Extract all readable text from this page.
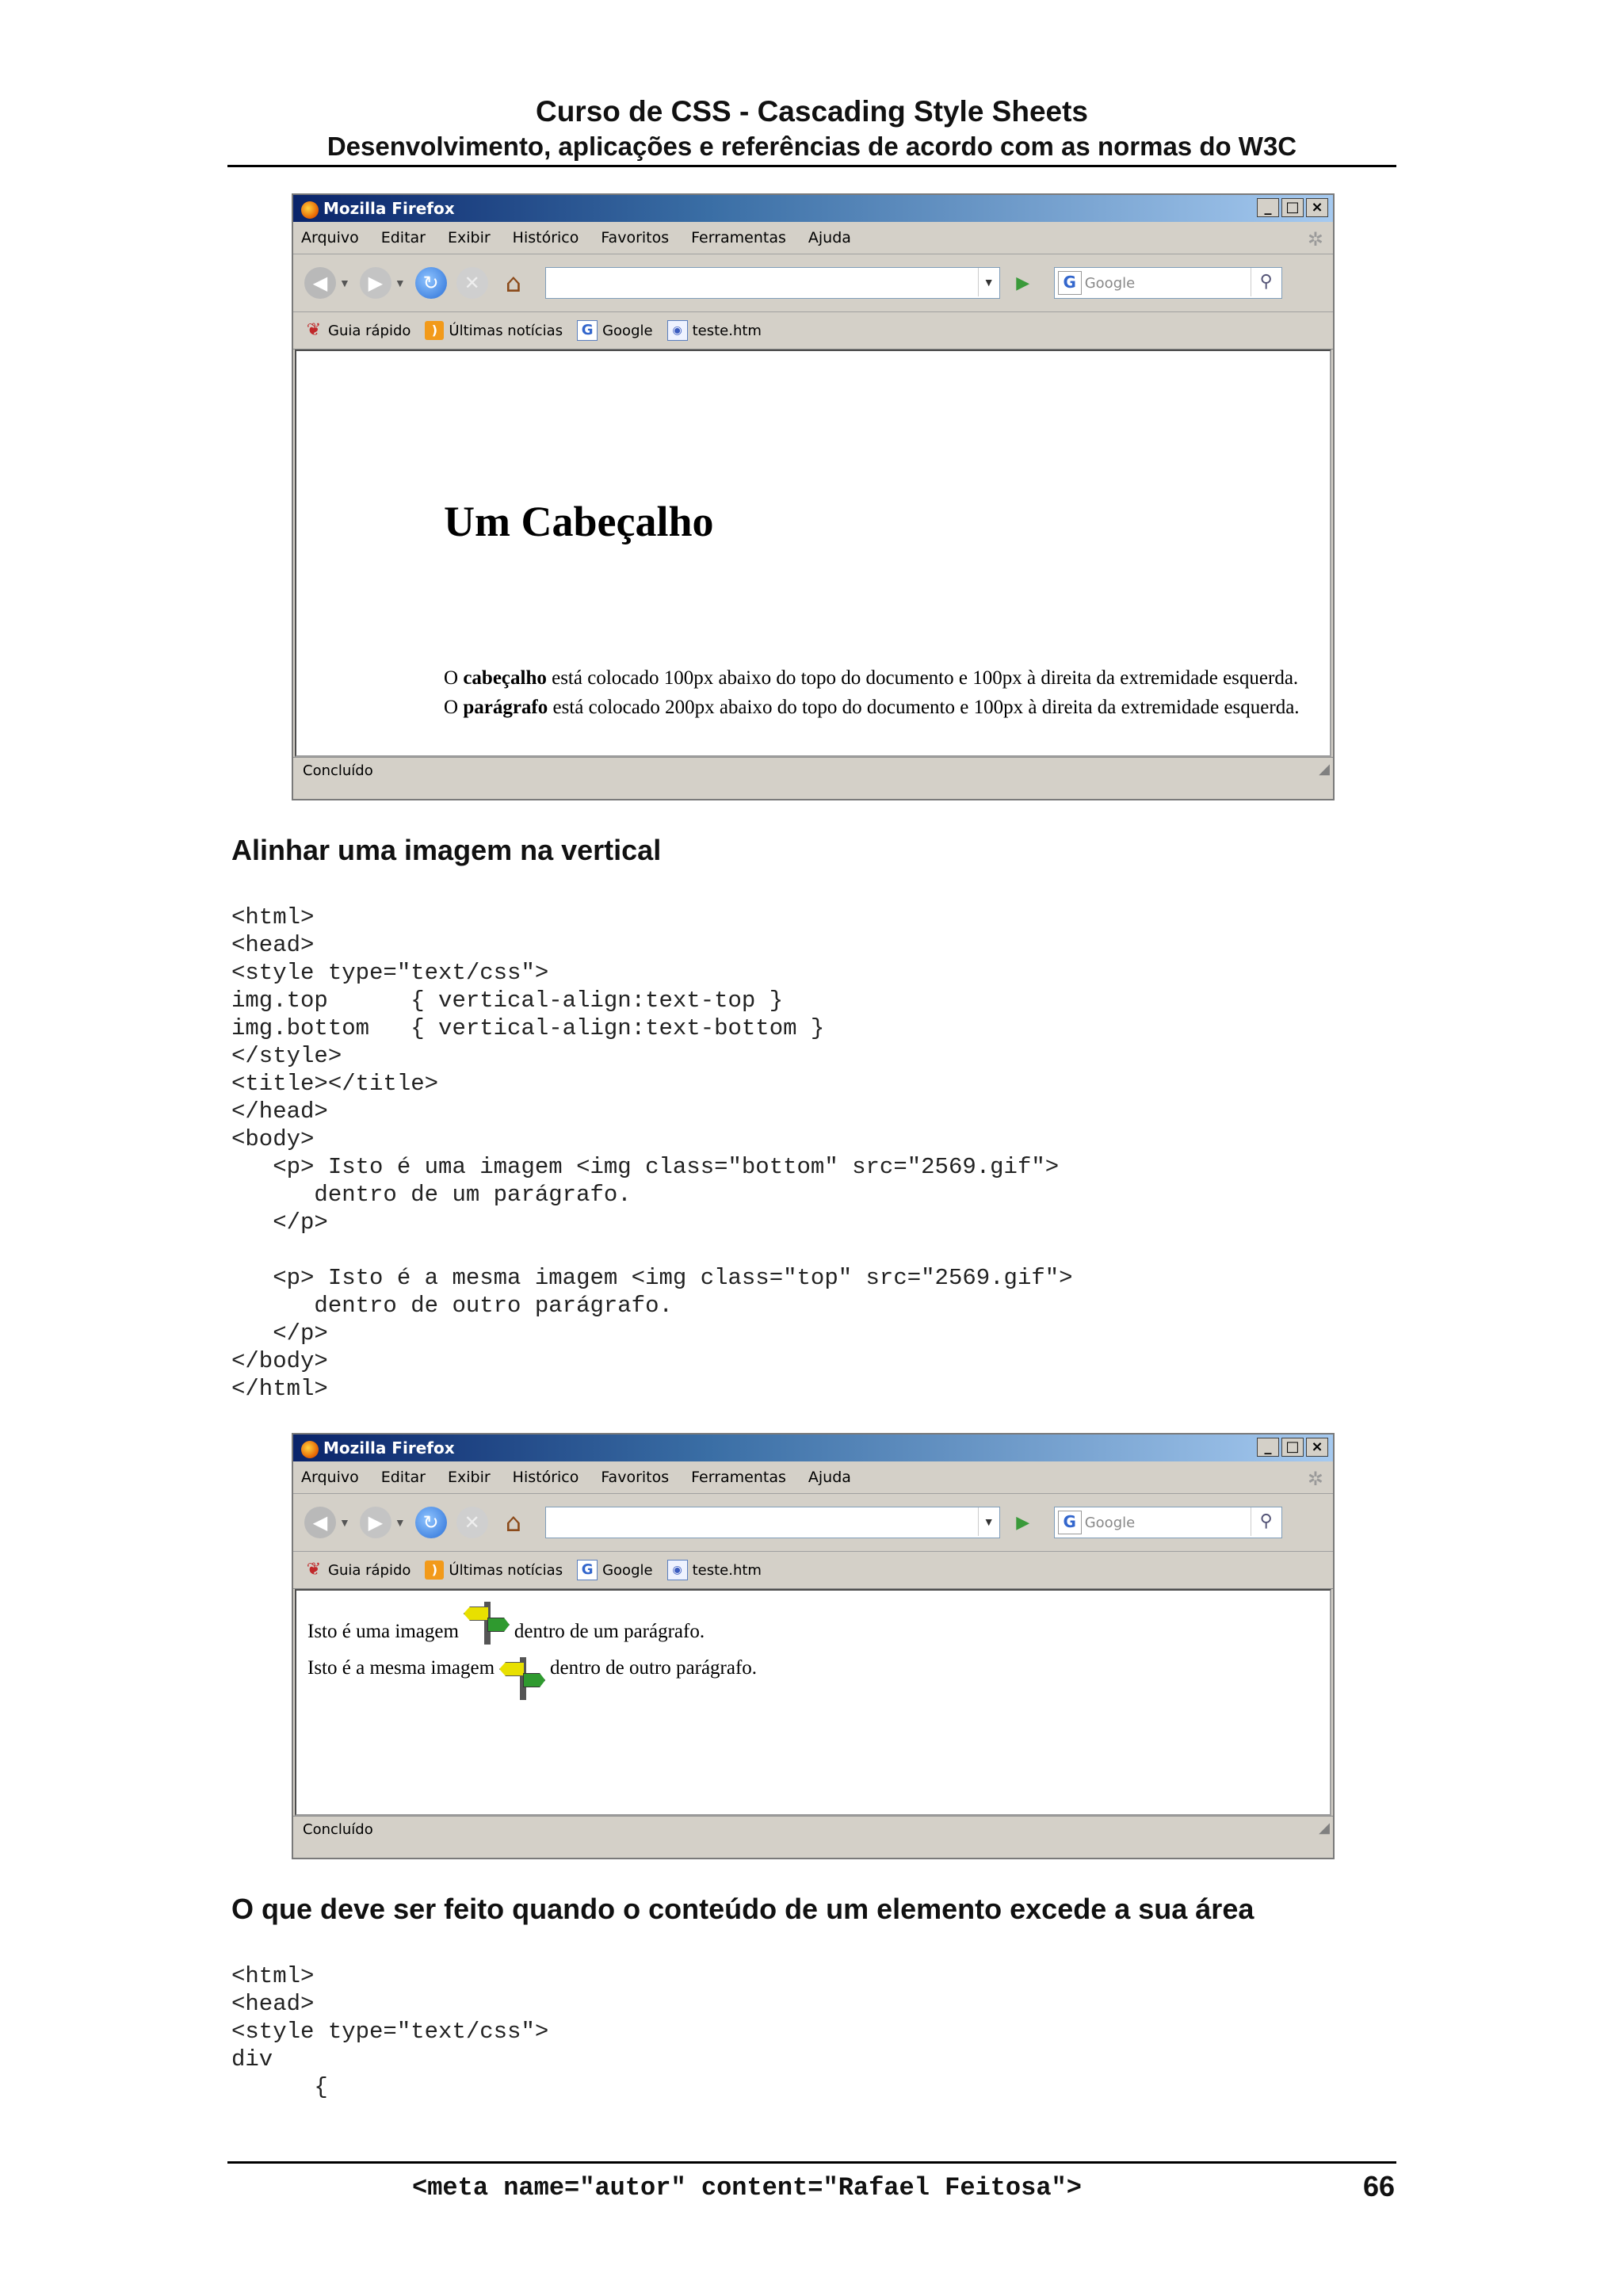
Curso de CSS - Cascading Style Sheets
Desenvolvimento, aplicações e referências de acordo com as normas do W3C
Mozilla Firefox	_ □ ×
Arquivo Editar Exibir Histórico Favoritos Ferramentas Ajuda	✲
◀	▼ ▶	▼ ↻	✕ ⌂	▼	▶	G Google	⚲
❦ Guia rápido	) Últimas notícias	G Google	◉ teste.htm
Um Cabeçalho
O cabeçalho está colocado 100px abaixo do topo do documento e 100px à direita da extremidade esquerda. O parágrafo está colocado 200px abaixo do topo do documento e 100px à direita da extremidade esquerda.
Concluído	◢
Alinhar uma imagem na vertical
<html>
<head>
<style type="text/css">
img.top      { vertical-align:text-top }
img.bottom   { vertical-align:text-bottom }
</style>
<title></title>
</head>
<body>
<p> Isto é uma imagem <img class="bottom" src="2569.gif">
dentro de um parágrafo.
</p>

<p> Isto é a mesma imagem <img class="top" src="2569.gif">
dentro de outro parágrafo.
</p>
</body>
</html>
Mozilla Firefox	_ □ ×
Arquivo Editar Exibir Histórico Favoritos Ferramentas Ajuda	✲
◀	▼ ▶	▼ ↻	✕ ⌂	▼	▶	G Google	⚲
❦ Guia rápido	) Últimas notícias	G Google	◉ teste.htm
Isto é uma imagem	dentro de um parágrafo.
Isto é a mesma imagem	dentro de outro parágrafo.
Concluído	◢
O que deve ser feito quando o conteúdo de um elemento excede a sua área
<html>
<head>
<style type="text/css">
div
{
<meta name="autor" content="Rafael Feitosa">	66
